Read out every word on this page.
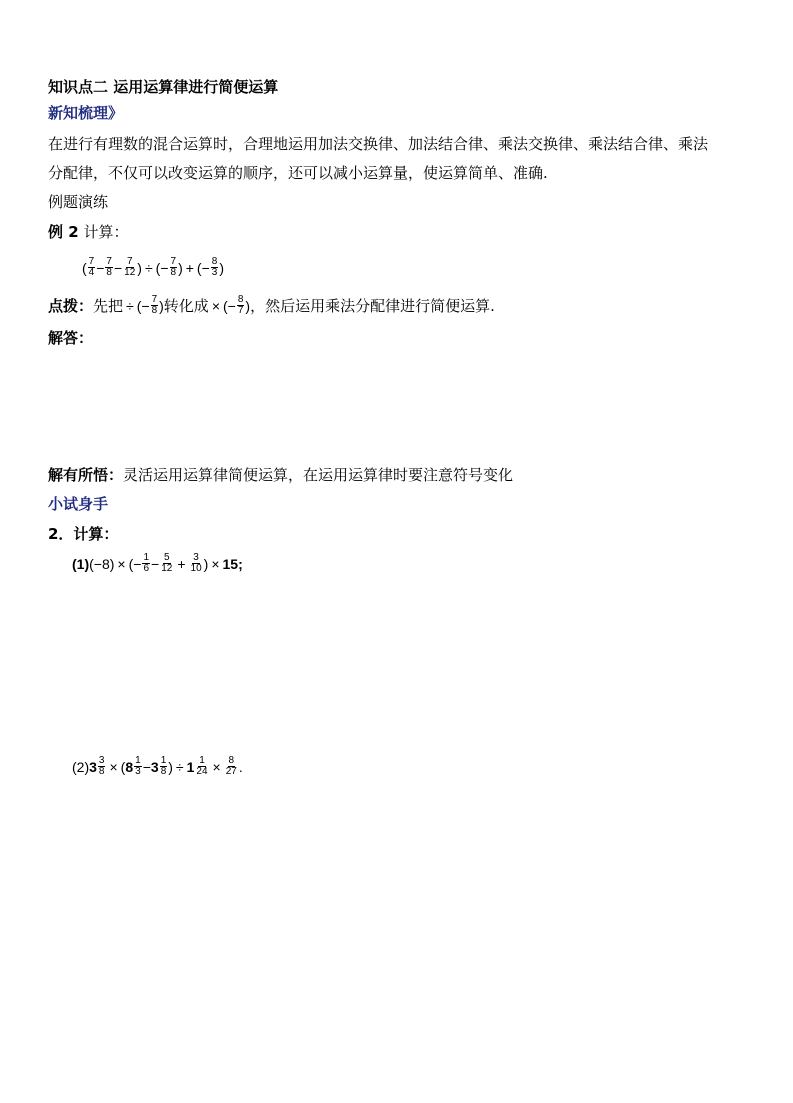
知识点二 运用运算律进行简便运算
新知梳理》
在进行有理数的混合运算时，合理地运用加法交换律、加法结合律、乘法交换律、乘法结合律、乘法
分配律，不仅可以改变运算的顺序，还可以减小运算量，使运算简单、准确.
例题演练
例 2 计算：
( $\frac{7}{4} - \frac{7}{8} - \frac{7}{12}$ ) ÷ (− $\frac{7}{8}$ ) + (− $\frac{8}{3}$ )
点拨： 先把 ÷ (− $\frac{7}{8}$ ) 转化成 × (− $\frac{8}{7}$ ) ，然后运用乘法分配律进行简便运算.
解答：
解有所悟：灵活运用运算律简便运算，在运用运算律时要注意符号变化
小试身手
2．计算：
(1) (−8) × (− $\frac{1}{6} - \frac{5}{12} + \frac{3}{10}$ ) × 15;
(2) $3 \frac{3}{8}$ × ( $8 \frac{1}{3} - 3 \frac{1}{8}$ ) ÷ $1 \frac{1}{24} \times \frac{8}{27}$ .
